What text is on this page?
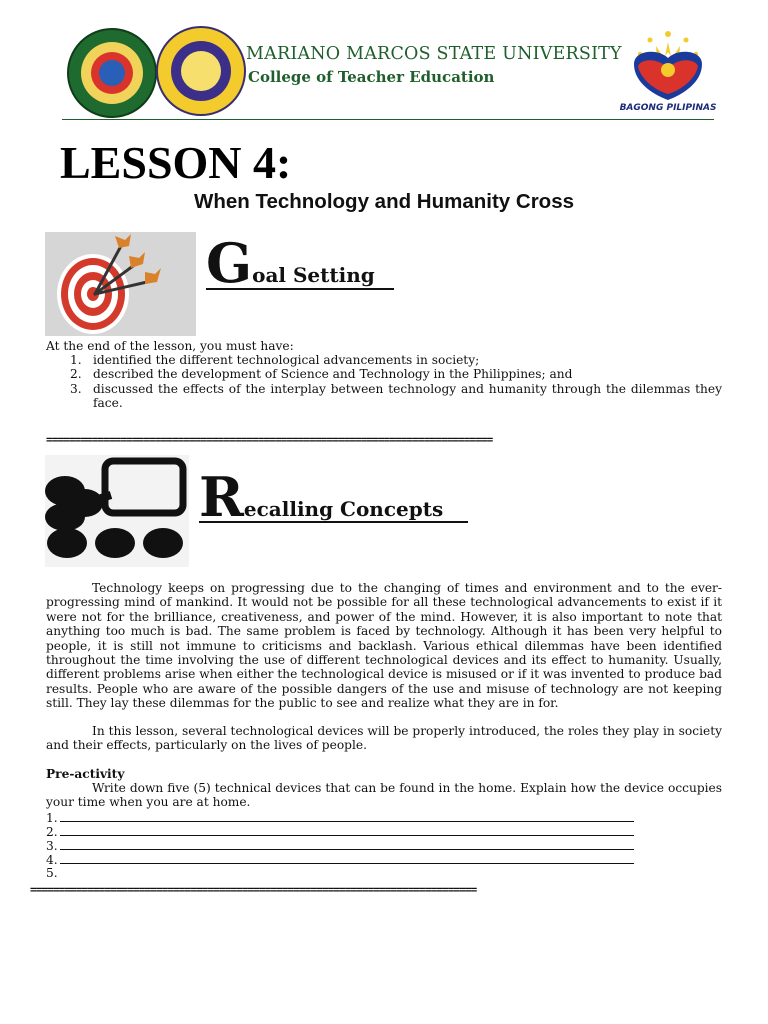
MARIANO MARCOS STATE UNIVERSITY
College of Teacher Education
BAGONG PILIPINAS
LESSON 4:
When Technology and Humanity Cross
Goal Setting
At the end of the lesson, you must have:
1. identified the different technological advancements in society;
2. described the development of Science and Technology in the Philippines; and
3. discussed the effects of the interplay between technology and humanity through the dilemmas they face.
==============================================================================
Recalling Concepts

Technology keeps on progressing due to the changing of times and environment and to the ever-progressing mind of mankind. It would not be possible for all these technological advancements to exist if it were not for the brilliance, creativeness, and power of the mind. However, it is also important to note that anything too much is bad. The same problem is faced by technology. Although it has been very helpful to people, it is still not immune to criticisms and backlash. Various ethical dilemmas have been identified throughout the time involving the use of different technological devices and its effect to humanity. Usually, different problems arise when either the technological device is misused or if it was invented to produce bad results. People who are aware of the possible dangers of the use and misuse of technology are not keeping still. They lay these dilemmas for the public to see and realize what they are in for.

In this lesson, several technological devices will be properly introduced, the roles they play in society and their effects, particularly on the lives of people.

Pre-activity

Write down five (5) technical devices that can be found in the home. Explain how the device occupies your time when you are at home.

1.
2.
3.
4.
5.
==============================================================================
